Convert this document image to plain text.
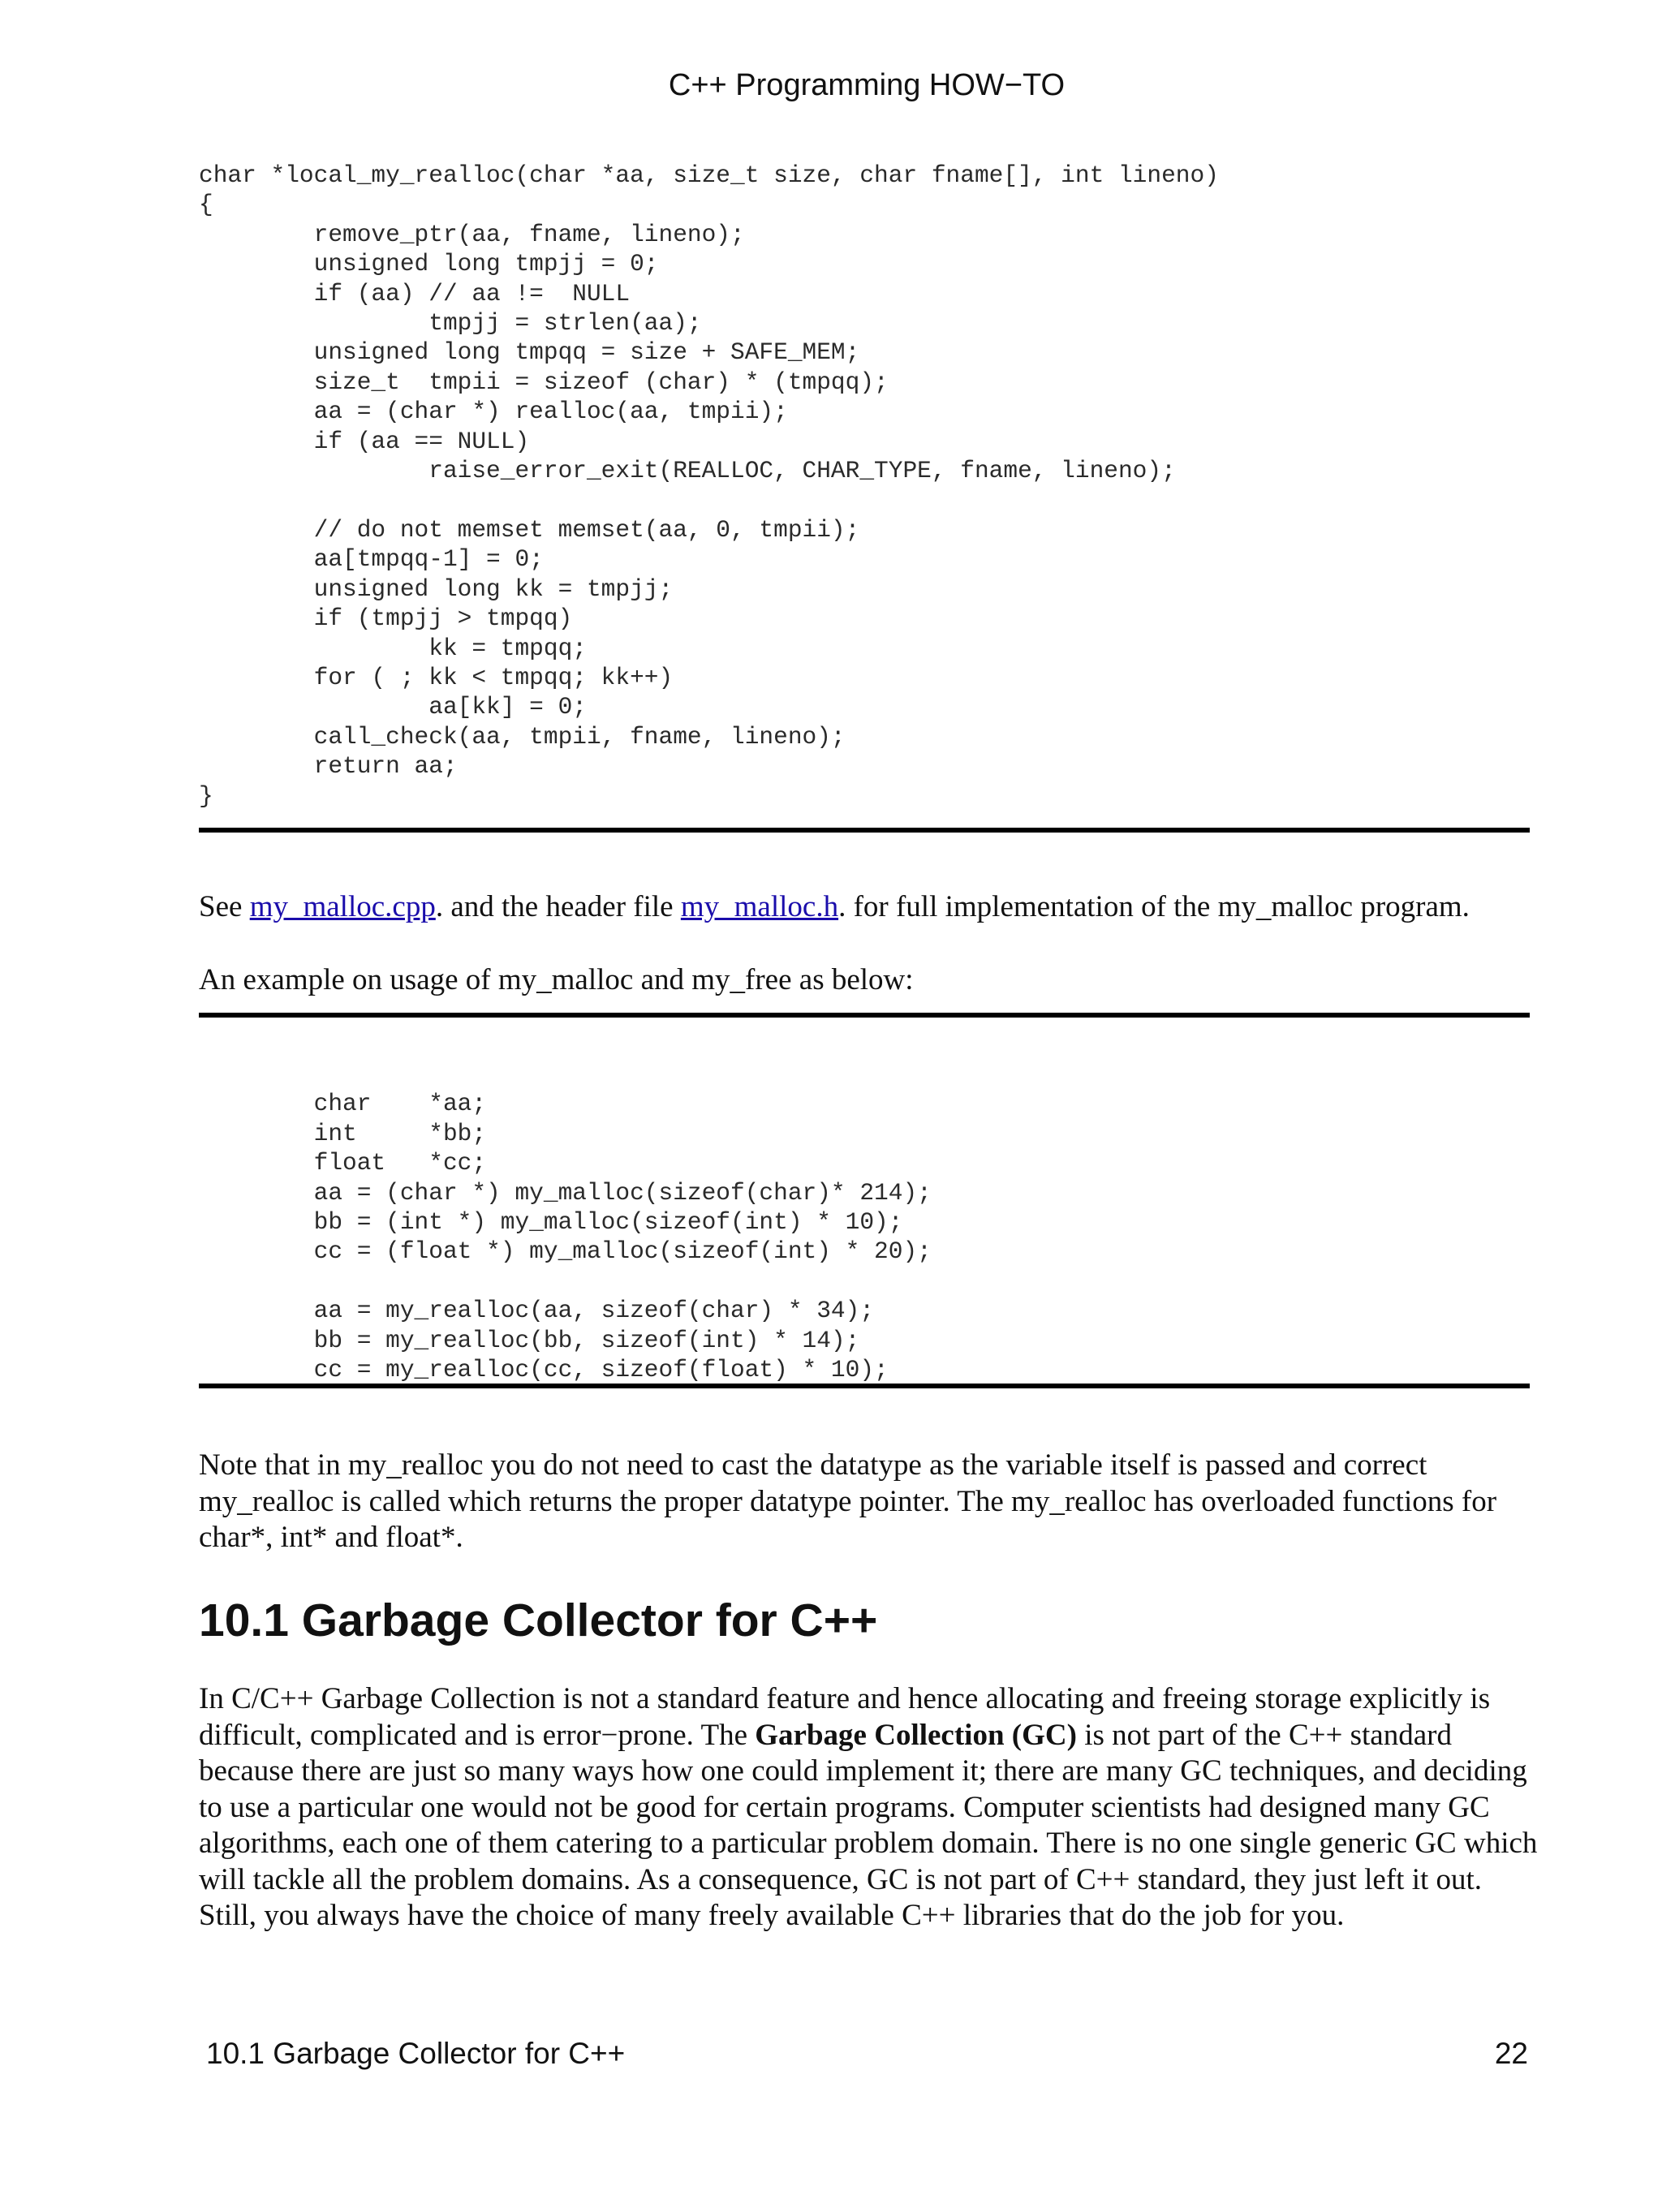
C++ Programming HOW−TO
char *local_my_realloc(char *aa, size_t size, char fname[], int lineno)
{
remove_ptr(aa, fname, lineno);
unsigned long tmpjj = 0;
if (aa) // aa !=  NULL
tmpjj = strlen(aa);
unsigned long tmpqq = size + SAFE_MEM;
size_t  tmpii = sizeof (char) * (tmpqq);
aa = (char *) realloc(aa, tmpii);
if (aa == NULL)
raise_error_exit(REALLOC, CHAR_TYPE, fname, lineno);

// do not memset memset(aa, 0, tmpii);
aa[tmpqq-1] = 0;
unsigned long kk = tmpjj;
if (tmpjj > tmpqq)
kk = tmpqq;
for ( ; kk < tmpqq; kk++)
aa[kk] = 0;
call_check(aa, tmpii, fname, lineno);
return aa;
}

See my_malloc.cpp. and the header file my_malloc.h. for full implementation of the my_malloc program.

An example on usage of my_malloc and my_free as below:

char    *aa;
int     *bb;
float   *cc;
aa = (char *) my_malloc(sizeof(char)* 214);
bb = (int *) my_malloc(sizeof(int) * 10);
cc = (float *) my_malloc(sizeof(int) * 20);

aa = my_realloc(aa, sizeof(char) * 34);
bb = my_realloc(bb, sizeof(int) * 14);
cc = my_realloc(cc, sizeof(float) * 10);

Note that in my_realloc you do not need to cast the datatype as the variable itself is passed and correct my_realloc is called which returns the proper datatype pointer. The my_realloc has overloaded functions for char*, int* and float*.

10.1 Garbage Collector for C++

In C/C++ Garbage Collection is not a standard feature and hence allocating and freeing storage explicitly is difficult, complicated and is error−prone. The Garbage Collection (GC) is not part of the C++ standard because there are just so many ways how one could implement it; there are many GC techniques, and deciding to use a particular one would not be good for certain programs. Computer scientists had designed many GC algorithms, each one of them catering to a particular problem domain. There is no one single generic GC which will tackle all the problem domains. As a consequence, GC is not part of C++ standard, they just left it out. Still, you always have the choice of many freely available C++ libraries that do the job for you.

10.1 Garbage Collector for C++	22
